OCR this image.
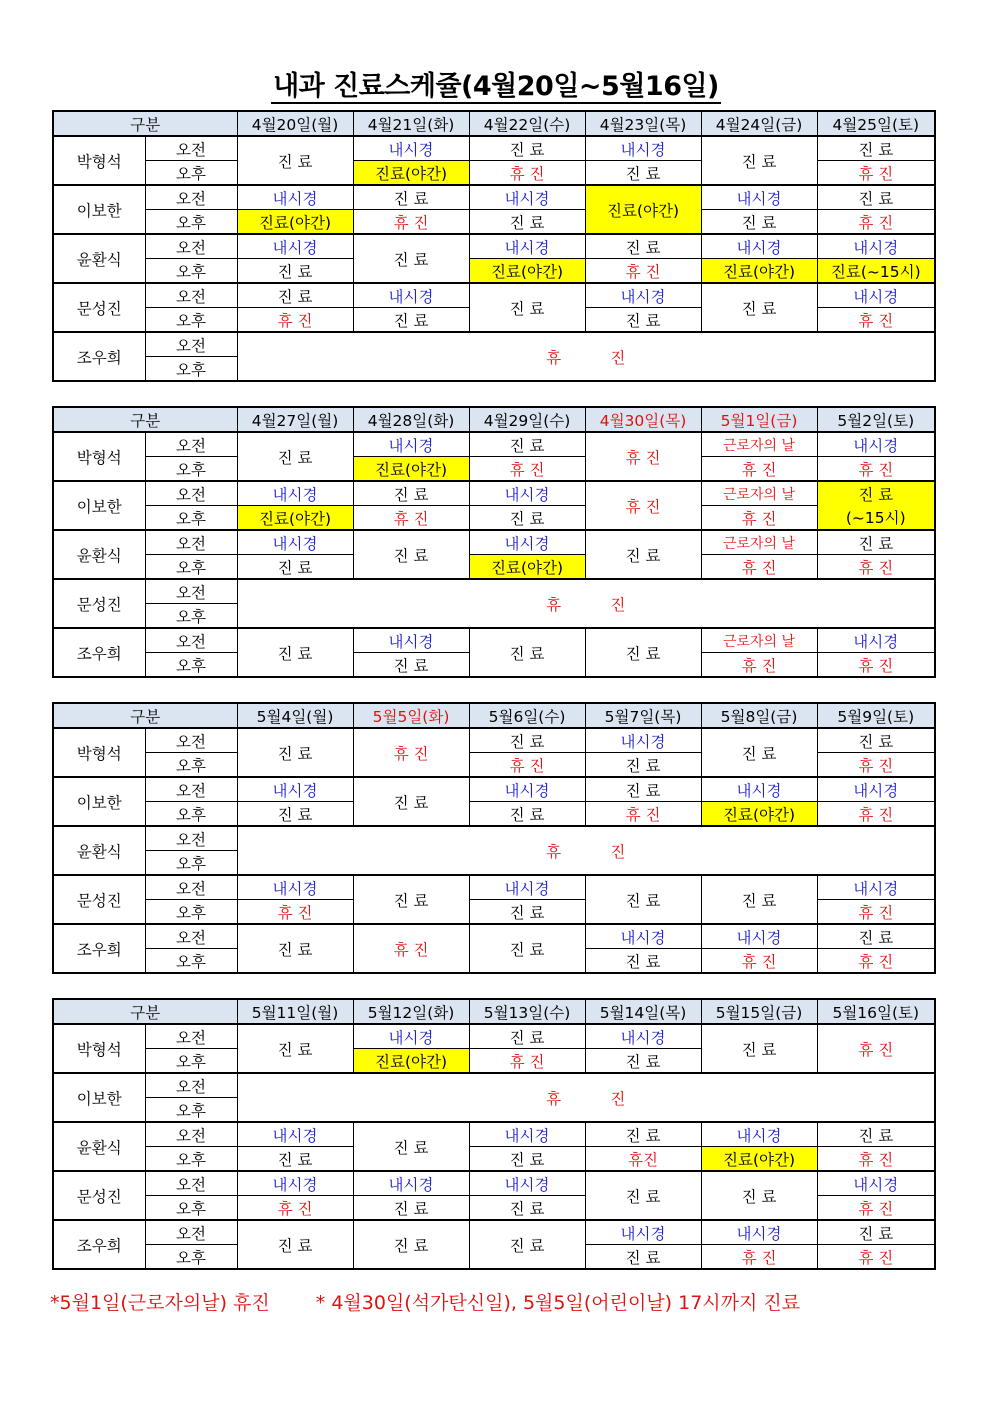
내과 진료스케쥴(4월20일~5월16일)
구분		4월20일(월)	4월21일(화)	4월22일(수)	4월23일(목)	4월24일(금)	4월25일(토)
박형석	오전	진 료	내시경	진 료	내시경	진 료	진 료
	오후		진료(야간)	휴 진	진 료		휴 진
이보한	오전	내시경	진 료	내시경	진료(야간)	내시경	진 료
	오후	진료(야간)	휴 진	진 료		진 료	휴 진
윤환식	오전	내시경	진 료	내시경	진 료	내시경	내시경
	오후	진 료		진료(야간)	휴 진	진료(야간)	진료(~15시)
문성진	오전	진 료	내시경	진 료	내시경	진 료	내시경
	오후	휴 진	진 료		진 료		휴 진
조우희	오전	휴          진					
	오후						
구분		4월27일(월)	4월28일(화)	4월29일(수)	4월30일(목)	5월1일(금)	5월2일(토)
박형석	오전	진 료	내시경	진 료	휴 진	근로자의 날	내시경
	오후		진료(야간)	휴 진		휴 진	휴 진
이보한	오전	내시경	진 료	내시경	휴 진	근로자의 날	진 료
	오후	진료(야간)	휴 진	진 료		휴 진	(~15시)
윤환식	오전	내시경	진 료	내시경	진 료	근로자의 날	진 료
	오후	진 료		진료(야간)		휴 진	휴 진
문성진	오전	휴          진					
	오후						
조우희	오전	진 료	내시경	진 료	진 료	근로자의 날	내시경
	오후		진 료			휴 진	휴 진
구분		5월4일(월)	5월5일(화)	5월6일(수)	5월7일(목)	5월8일(금)	5월9일(토)
박형석	오전	진 료	휴 진	진 료	내시경	진 료	진 료
	오후			휴 진	진 료		휴 진
이보한	오전	내시경	진 료	내시경	진 료	내시경	내시경
	오후	진 료		진 료	휴 진	진료(야간)	휴 진
윤환식	오전	휴          진					
	오후						
문성진	오전	내시경	진 료	내시경	진 료	진 료	내시경
	오후	휴 진		진 료			휴 진
조우희	오전	진 료	휴 진	진 료	내시경	내시경	진 료
	오후				진 료	휴 진	휴 진
구분		5월11일(월)	5월12일(화)	5월13일(수)	5월14일(목)	5월15일(금)	5월16일(토)
박형석	오전	진 료	내시경	진 료	내시경	진 료	휴 진
	오후		진료(야간)	휴 진	진 료		
이보한	오전	휴          진					
	오후						
윤환식	오전	내시경	진 료	내시경	진 료	내시경	진 료
	오후	진 료		진 료	휴진	진료(야간)	휴 진
문성진	오전	내시경	내시경	내시경	진 료	진 료	내시경
	오후	휴 진	진 료	진 료			휴 진
조우희	오전	진 료	진 료	진 료	내시경	내시경	진 료
	오후				진 료	휴 진	휴 진
*5월1일(근로자의날) 휴진 * 4월30일(석가탄신일), 5월5일(어린이날) 17시까지 진료
